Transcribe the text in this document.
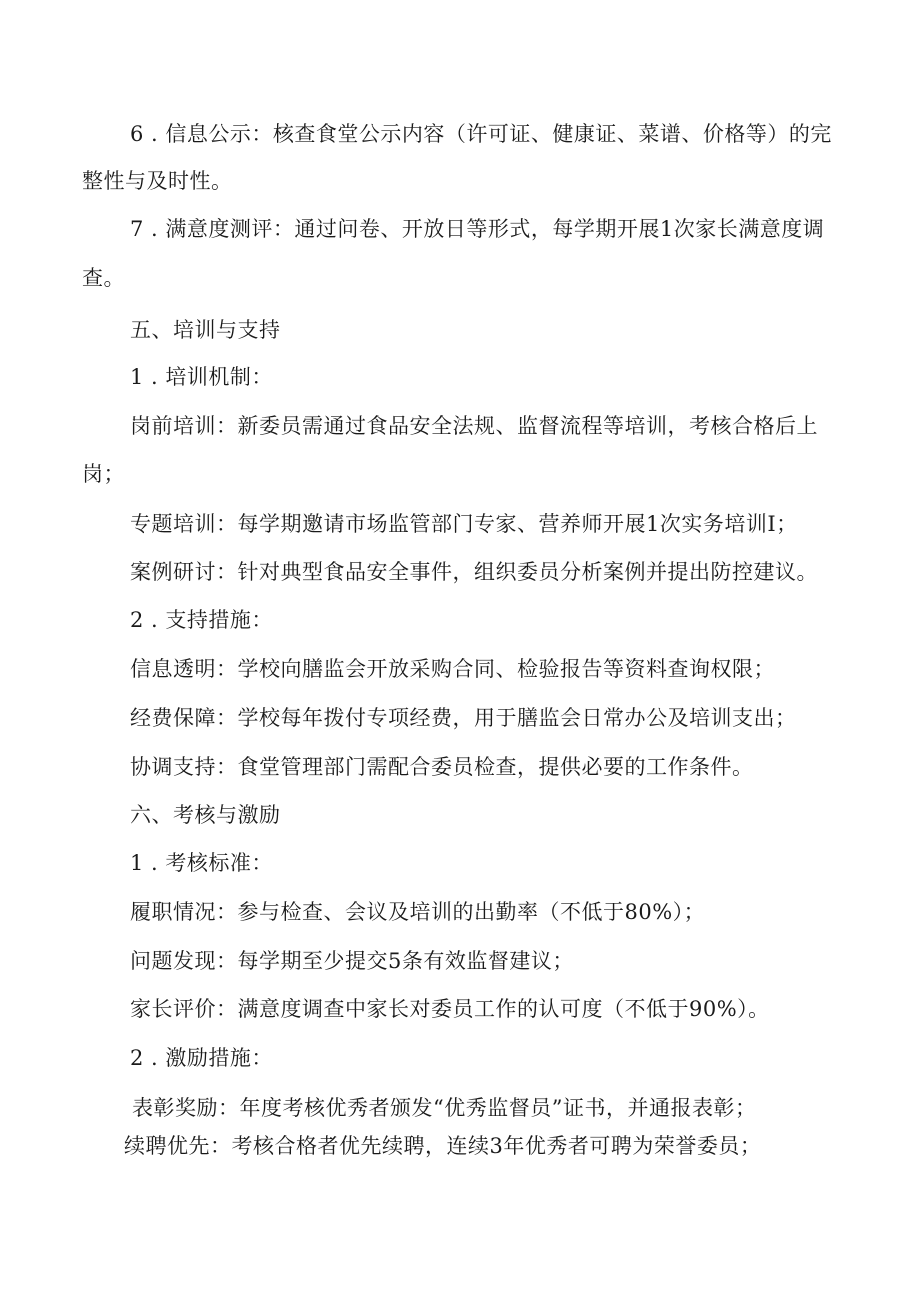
6 . 信息公示：核查食堂公示内容（许可证、健康证、菜谱、价格等）的完
整性与及时性。
7 . 满意度测评：通过问卷、开放日等形式，每学期开展1次家长满意度调
查。
五、培训与支持
1 . 培训机制：
岗前培训：新委员需通过食品安全法规、监督流程等培训，考核合格后上
岗；
专题培训：每学期邀请市场监管部门专家、营养师开展1次实务培训I；
案例研讨：针对典型食品安全事件，组织委员分析案例并提出防控建议。
2 . 支持措施：
信息透明：学校向膳监会开放采购合同、检验报告等资料查询权限；
经费保障：学校每年拨付专项经费，用于膳监会日常办公及培训支出；
协调支持：食堂管理部门需配合委员检查，提供必要的工作条件。
六、考核与激励
1 . 考核标准：
履职情况：参与检查、会议及培训的出勤率（不低于80%）；
问题发现：每学期至少提交5条有效监督建议；
家长评价：满意度调查中家长对委员工作的认可度（不低于90%）。
2 . 激励措施：
表彰奖励：年度考核优秀者颁发“优秀监督员”证书，并通报表彰；
续聘优先：考核合格者优先续聘，连续3年优秀者可聘为荣誉委员；
